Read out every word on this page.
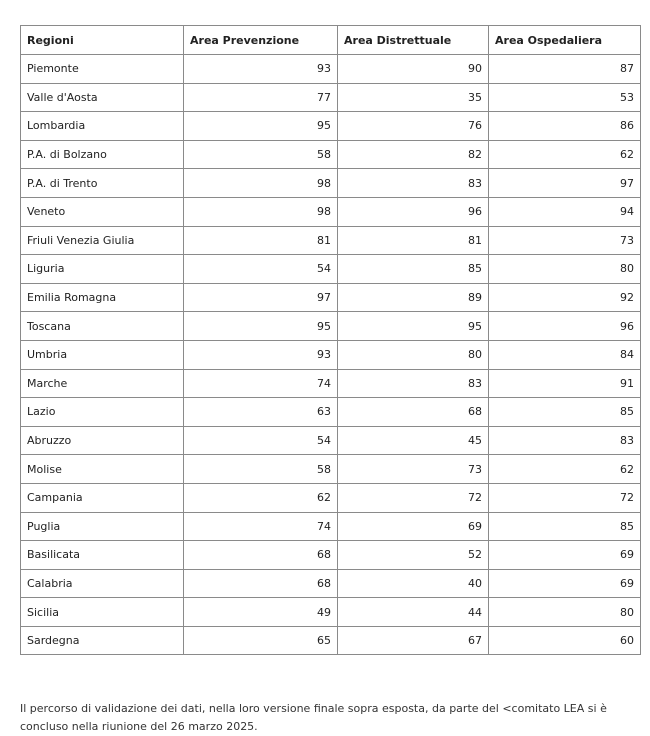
Regioni	Area Prevenzione	Area Distrettuale	Area Ospedaliera
Piemonte	93	90	87
Valle d'Aosta	77	35	53
Lombardia	95	76	86
P.A. di Bolzano	58	82	62
P.A. di Trento	98	83	97
Veneto	98	96	94
Friuli Venezia Giulia	81	81	73
Liguria	54	85	80
Emilia Romagna	97	89	92
Toscana	95	95	96
Umbria	93	80	84
Marche	74	83	91
Lazio	63	68	85
Abruzzo	54	45	83
Molise	58	73	62
Campania	62	72	72
Puglia	74	69	85
Basilicata	68	52	69
Calabria	68	40	69
Sicilia	49	44	80
Sardegna	65	67	60

Il percorso di validazione dei dati, nella loro versione finale sopra esposta, da parte del <comitato LEA si è concluso nella riunione del 26 marzo 2025.
